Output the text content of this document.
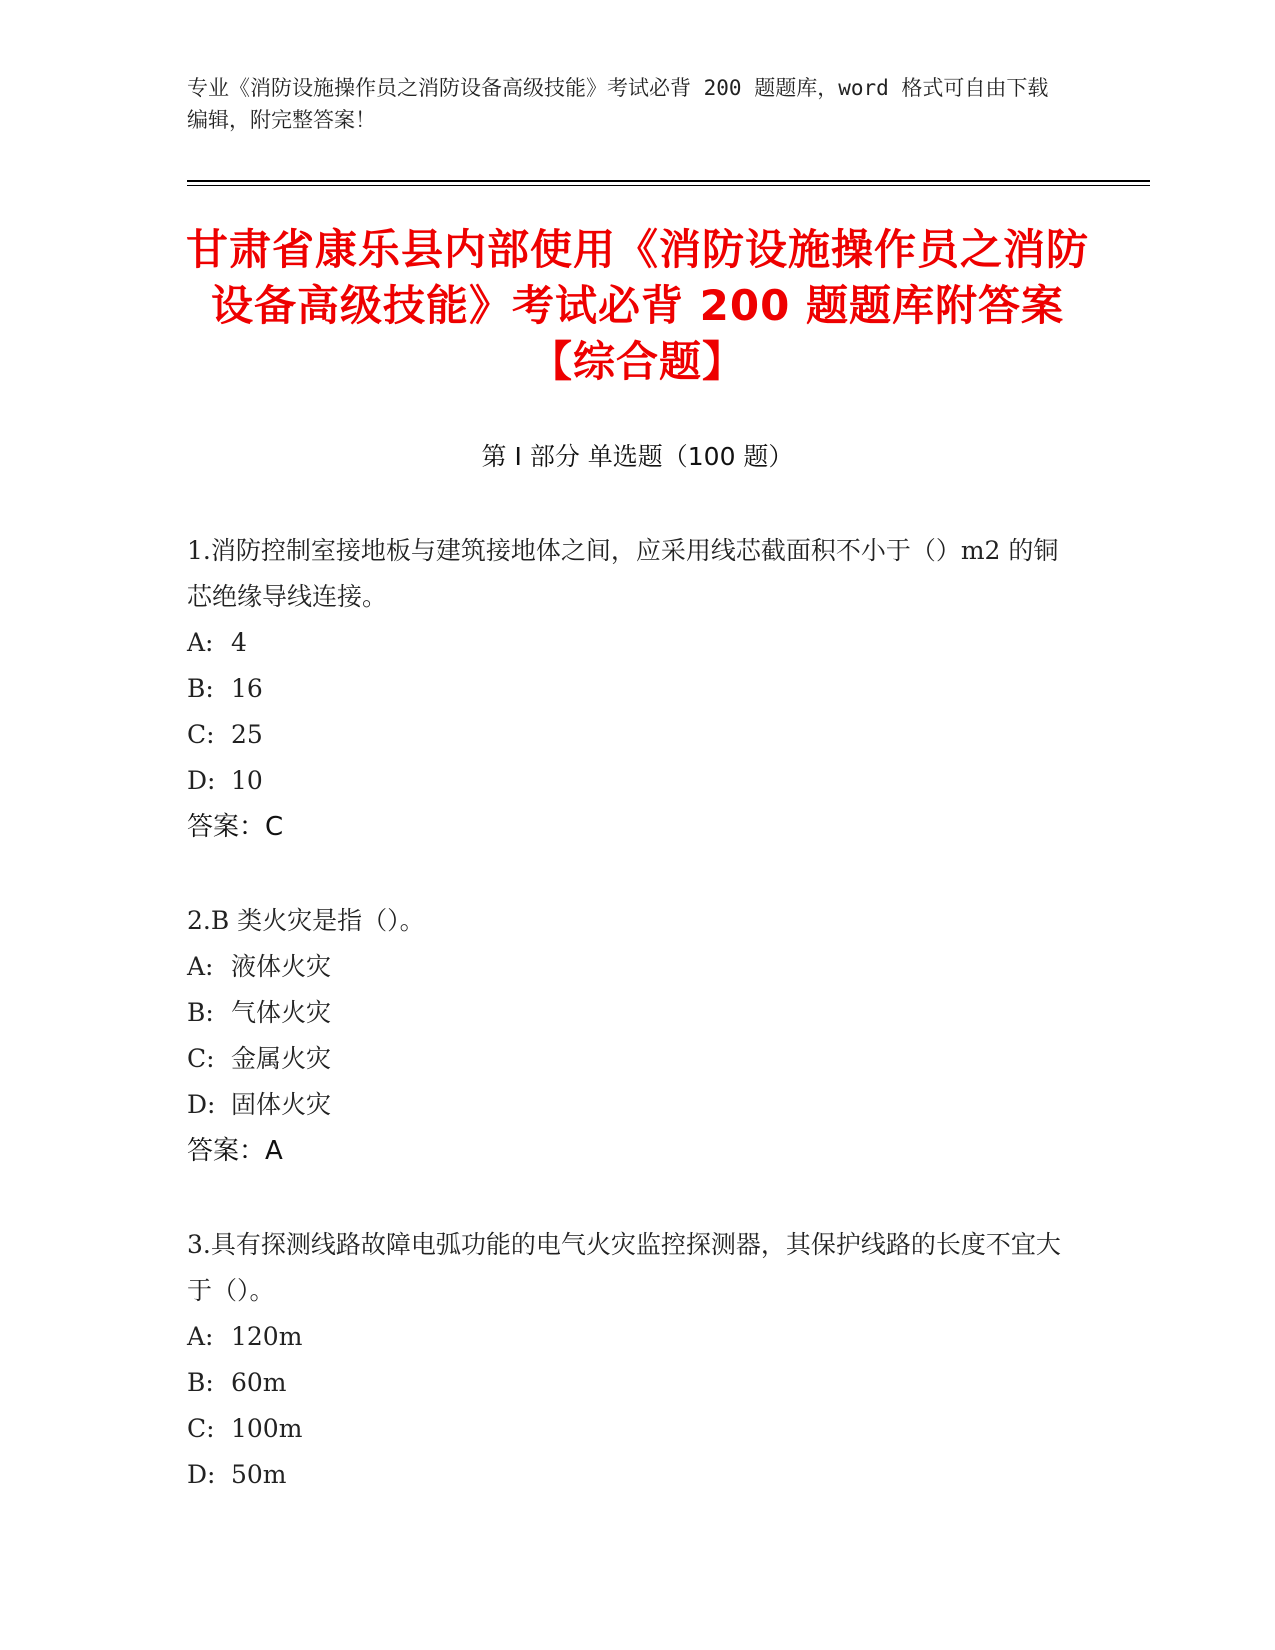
专业《消防设施操作员之消防设备高级技能》考试必背 200 题题库，word 格式可自由下载编辑，附完整答案！
甘肃省康乐县内部使用《消防设施操作员之消防设备高级技能》考试必背 200 题题库附答案【综合题】
第 I 部分 单选题（100 题）
1.消防控制室接地板与建筑接地体之间，应采用线芯截面积不小于（）m2 的铜芯绝缘导线连接。
A: 4
B: 16
C: 25
D: 10
答案：C
2.B 类火灾是指（）。
A: 液体火灾
B: 气体火灾
C: 金属火灾
D: 固体火灾
答案：A
3.具有探测线路故障电弧功能的电气火灾监控探测器，其保护线路的长度不宜大于（）。
A: 120m
B: 60m
C: 100m
D: 50m
